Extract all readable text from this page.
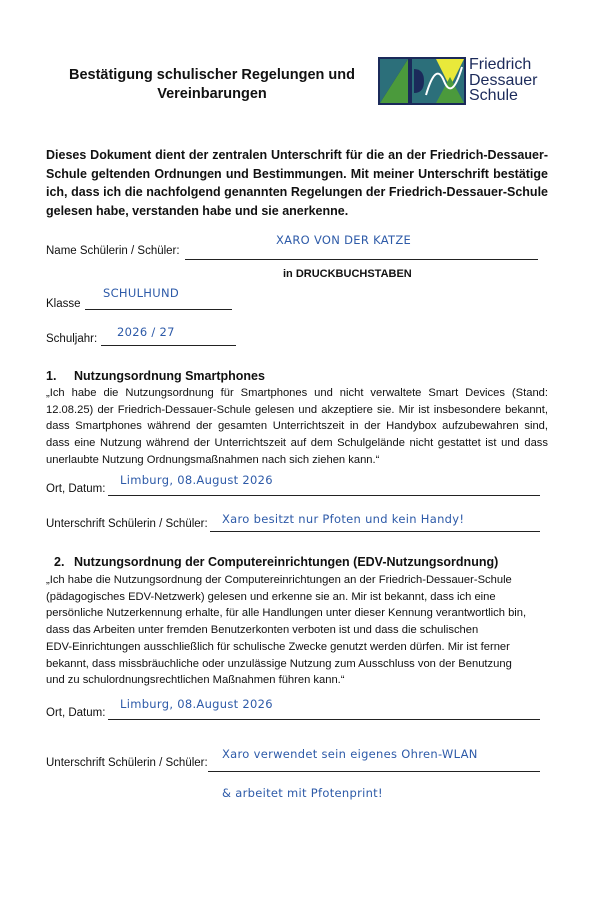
Bestätigung schulischer Regelungen und Vereinbarungen
Friedrich
Dessauer
Schule
Dieses Dokument dient der zentralen Unterschrift für die an der Friedrich-Dessauer-Schule geltenden Ordnungen und Bestimmungen. Mit meiner Unterschrift bestätige ich, dass ich die nachfolgend genannten Regelungen der Friedrich-Dessauer-Schule gelesen habe, verstanden habe und sie anerkenne.
XARO VON DER KATZE
Name Schülerin / Schüler:
in DRUCKBUCHSTABEN
SCHULHUND
Klasse
2026 / 27
Schuljahr:
1. Nutzungsordnung Smartphones
„Ich habe die Nutzungsordnung für Smartphones und nicht verwaltete Smart Devices (Stand: 12.08.25) der Friedrich-Dessauer-Schule gelesen und akzeptiere sie. Mir ist insbesondere bekannt, dass Smartphones während der gesamten Unterrichtszeit in der Handybox aufzubewahren sind, dass eine Nutzung während der Unterrichtszeit auf dem Schulgelände nicht gestattet ist und dass unerlaubte Nutzung Ordnungsmaßnahmen nach sich ziehen kann.“
Limburg, 08.August 2026
Ort, Datum:
Xaro besitzt nur Pfoten und kein Handy!
Unterschrift Schülerin / Schüler:
2. Nutzungsordnung der Computereinrichtungen (EDV-Nutzungsordnung)
„Ich habe die Nutzungsordnung der Computereinrichtungen an der Friedrich-Dessauer-Schule
(pädagogisches EDV-Netzwerk) gelesen und erkenne sie an. Mir ist bekannt, dass ich eine
persönliche Nutzerkennung erhalte, für alle Handlungen unter dieser Kennung verantwortlich bin,
dass das Arbeiten unter fremden Benutzerkonten verboten ist und dass die schulischen
EDV-Einrichtungen ausschließlich für schulische Zwecke genutzt werden dürfen. Mir ist ferner
bekannt, dass missbräuchliche oder unzulässige Nutzung zum Ausschluss von der Benutzung
und zu schulordnungsrechtlichen Maßnahmen führen kann.“
Limburg, 08.August 2026
Ort, Datum:
Xaro verwendet sein eigenes Ohren-WLAN
Unterschrift Schülerin / Schüler:
& arbeitet mit Pfotenprint!
